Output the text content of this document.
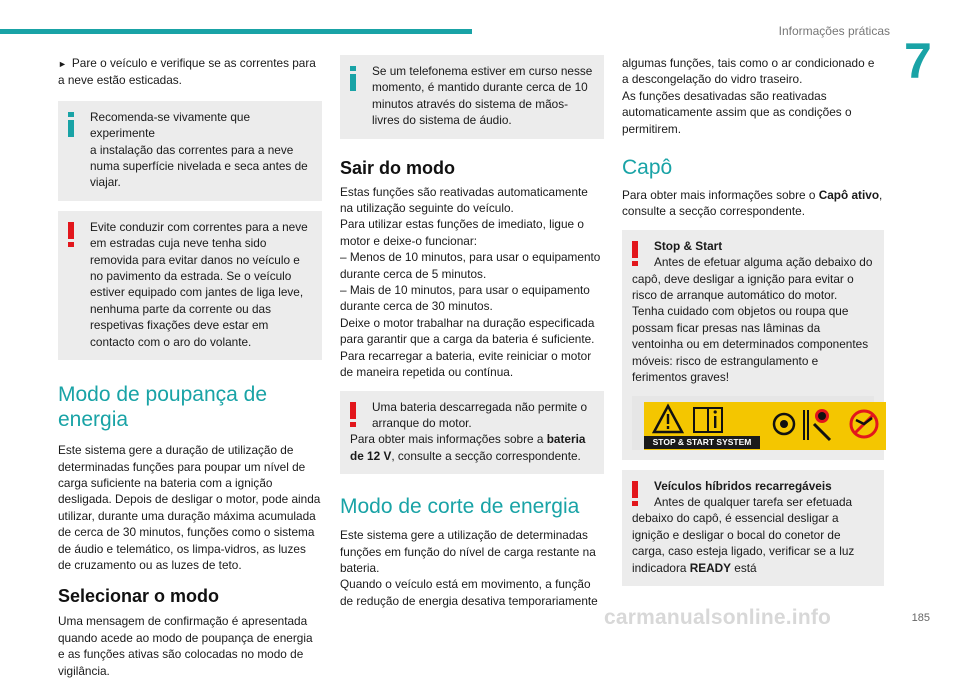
Informações práticas
7

► Pare o veículo e verifique se as correntes para a neve estão esticadas.

Recomenda-se vivamente que experimente

a instalação das correntes para a neve numa superfície nivelada e seca antes de viajar.

Evite conduzir com correntes para a neve

em estradas cuja neve tenha sido removida para evitar danos no veículo e no pavimento da estrada. Se o veículo estiver equipado com jantes de liga leve, nenhuma parte da corrente ou das respetivas fixações deve estar em contacto com o aro do volante.

Modo de poupança de energia

Este sistema gere a duração de utilização de determinadas funções para poupar um nível de carga suficiente na bateria com a ignição desligada. Depois de desligar o motor, pode ainda utilizar, durante uma duração máxima acumulada de cerca de 30 minutos, funções como o sistema de áudio e telemático, os limpa-vidros, as luzes de cruzamento ou as luzes de teto.

Selecionar o modo

Uma mensagem de confirmação é apresentada quando acede ao modo de poupança de energia e as funções ativas são colocadas no modo de vigilância.

Se um telefonema estiver em curso nesse

momento, é mantido durante cerca de 10 minutos através do sistema de mãos-livres do sistema de áudio.

Sair do modo

Estas funções são reativadas automaticamente na utilização seguinte do veículo.

Para utilizar estas funções de imediato, ligue o motor e deixe-o funcionar:

– Menos de 10 minutos, para usar o equipamento durante cerca de 5 minutos.

– Mais de 10 minutos, para usar o equipamento durante cerca de 30 minutos.

Deixe o motor trabalhar na duração especificada para garantir que a carga da bateria é suficiente.

Para recarregar a bateria, evite reiniciar o motor de maneira repetida ou contínua.

Uma bateria descarregada não permite o

arranque do motor.

Para obter mais informações sobre a bateria de 12 V, consulte a secção correspondente.

Modo de corte de energia

Este sistema gere a utilização de determinadas funções em função do nível de carga restante na bateria.

Quando o veículo está em movimento, a função de redução de energia desativa temporariamente

algumas funções, tais como o ar condicionado e a descongelação do vidro traseiro.

As funções desativadas são reativadas automaticamente assim que as condições o permitirem.

Capô

Para obter mais informações sobre o Capô ativo, consulte a secção correspondente.

Stop & Start

Antes de efetuar alguma ação debaixo do

capô, deve desligar a ignição para evitar o risco de arranque automático do motor.

Tenha cuidado com objetos ou roupa que possam ficar presas nas lâminas da ventoinha ou em determinados componentes móveis: risco de estrangulamento e ferimentos graves!

STOP & START SYSTEM

Veículos híbridos recarregáveis

Antes de qualquer tarefa ser efetuada

debaixo do capô, é essencial desligar a ignição e desligar o bocal do conetor de carga, caso esteja ligado, verificar se a luz indicadora READY está

carmanualsonline.info	185
